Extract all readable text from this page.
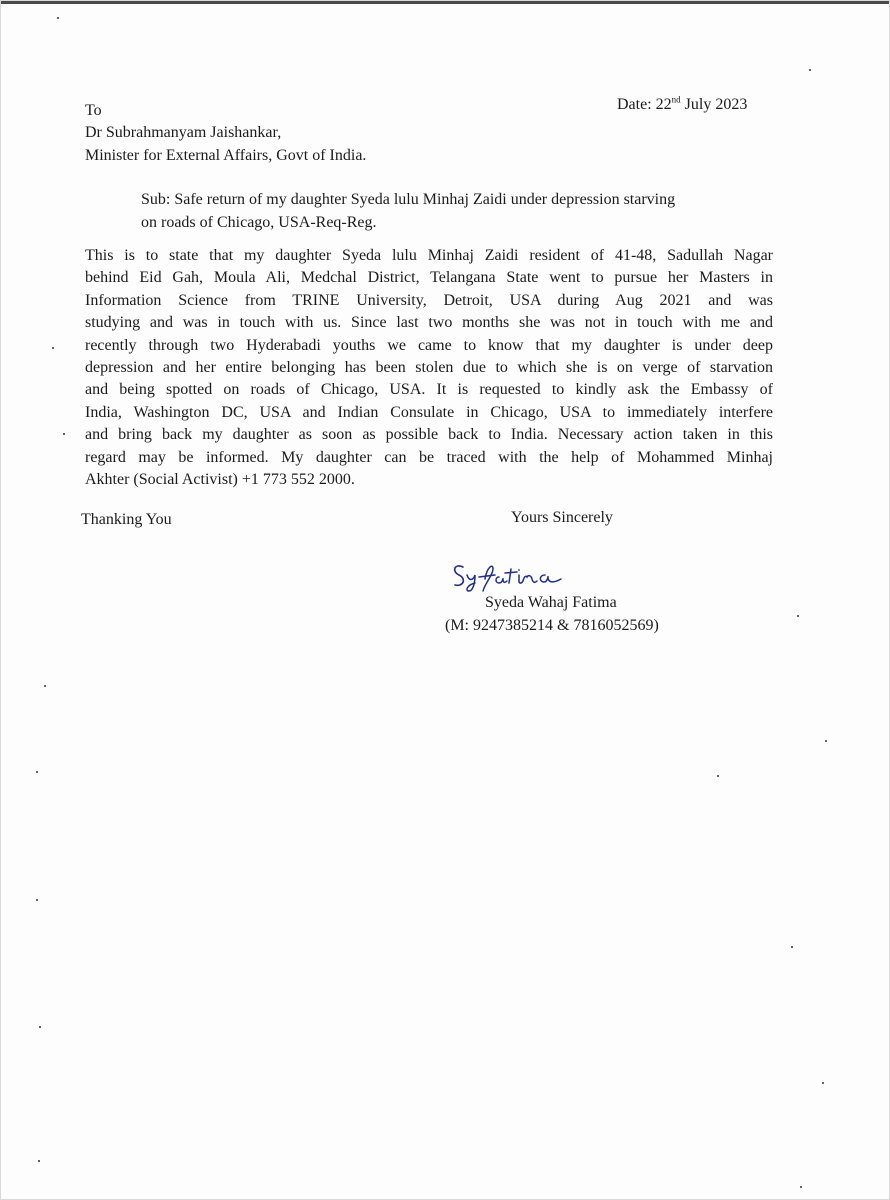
Date: 22nd July 2023
To
Dr Subrahmanyam Jaishankar,
Minister for External Affairs, Govt of India.
Sub: Safe return of my daughter Syeda lulu Minhaj Zaidi under depression starving
on roads of Chicago, USA-Req-Reg.
This is to state that my daughter Syeda lulu Minhaj Zaidi resident of 41-48, Sadullah Nagar
behind Eid Gah, Moula Ali, Medchal District, Telangana State went to pursue her Masters in
Information Science from TRINE University, Detroit, USA during Aug 2021 and was
studying and was in touch with us. Since last two months she was not in touch with me and
recently through two Hyderabadi youths we came to know that my daughter is under deep
depression and her entire belonging has been stolen due to which she is on verge of starvation
and being spotted on roads of Chicago, USA. It is requested to kindly ask the Embassy of
India, Washington DC, USA and Indian Consulate in Chicago, USA to immediately interfere
and bring back my daughter as soon as possible back to India. Necessary action taken in this
regard may be informed. My daughter can be traced with the help of Mohammed Minhaj
Akhter (Social Activist) +1 773 552 2000.
Thanking You	Yours Sincerely
Syeda Wahaj Fatima
(M: 9247385214 & 7816052569)
